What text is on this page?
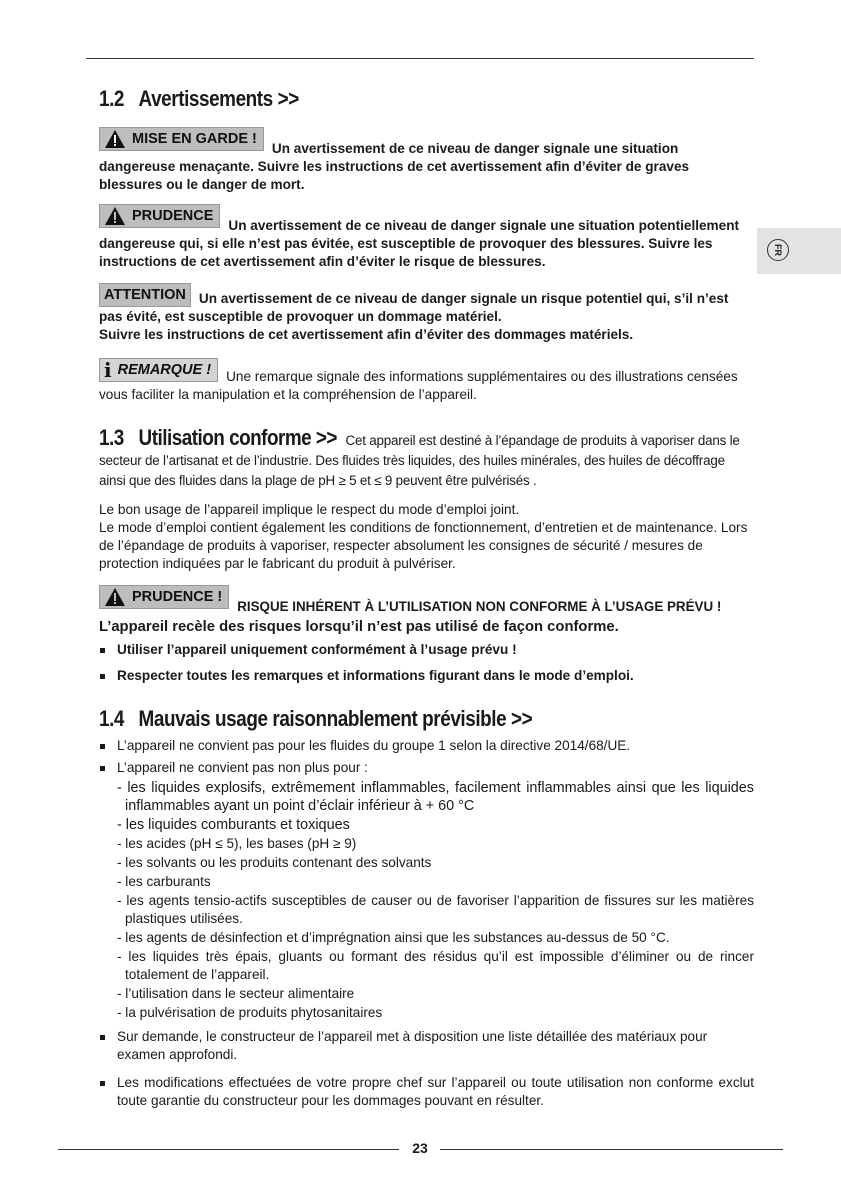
FR
1.2 Avertissements >>

MISE EN GARDE !
Un avertissement de ce niveau de danger signale une situation dangereuse menaçante. Suivre les instructions de cet avertissement afin d’éviter de graves blessures ou le danger de mort.

PRUDENCE
Un avertissement de ce niveau de danger signale une situation potentiellement dangereuse qui, si elle n’est pas évitée, est susceptible de provoquer des blessures. Suivre les instructions de cet avertissement afin d’éviter le risque de blessures.

ATTENTION Un avertissement de ce niveau de danger signale un risque potentiel qui, s’il n’est pas évité, est susceptible de provoquer un dommage matériel.
Suivre les instructions de cet avertissement afin d’éviter des dommages matériels.

i REMARQUE ! Une remarque signale des informations supplémentaires ou des illustrations censées vous faciliter la manipulation et la compréhension de l’appareil.

1.3 Utilisation conforme >> Cet appareil est destiné à l’épandage de produits à vaporiser dans le secteur de l’artisanat et de l’industrie. Des fluides très liquides, des huiles minérales, des huiles de décoffrage ainsi que des fluides dans la plage de pH ≥ 5 et ≤ 9 peuvent être pulvérisés .

Le bon usage de l’appareil implique le respect du mode d’emploi joint.
Le mode d’emploi contient également les conditions de fonctionnement, d’entretien et de maintenance. Lors de l’épandage de produits à vaporiser, respecter absolument les consignes de sécurité / mesures de protection indiquées par le fabricant du produit à pulvériser.

PRUDENCE !
RISQUE INHÉRENT À L’UTILISATION NON CONFORME À L’USAGE PRÉVU !
L’appareil recèle des risques lorsqu’il n’est pas utilisé de façon conforme.
Utiliser l’appareil uniquement conformément à l’usage prévu !
Respecter toutes les remarques et informations figurant dans le mode d’emploi.
1.4 Mauvais usage raisonnablement prévisible >>
L’appareil ne convient pas pour les fluides du groupe 1 selon la directive 2014/68/UE.
L’appareil ne convient pas non plus pour :
- les liquides explosifs, extrêmement inflammables, facilement inflammables ainsi que les liquides inflammables ayant un point d’éclair inférieur à + 60 °C
- les liquides comburants et toxiques
- les acides (pH ≤ 5), les bases (pH ≥ 9)
- les solvants ou les produits contenant des solvants
- les carburants
- les agents tensio-actifs susceptibles de causer ou de favoriser l’apparition de fissures sur les matières plastiques utilisées.
- les agents de désinfection et d’imprégnation ainsi que les substances au-dessus de 50 °C.
- les liquides très épais, gluants ou formant des résidus qu’il est impossible d’éliminer ou de rincer totalement de l’appareil.
- l’utilisation dans le secteur alimentaire
- la pulvérisation de produits phytosanitaires
Sur demande, le constructeur de l’appareil met à disposition une liste détaillée des matériaux pour examen approfondi.
Les modifications effectuées de votre propre chef sur l’appareil ou toute utilisation non conforme exclut toute garantie du constructeur pour les dommages pouvant en résulter.
23
